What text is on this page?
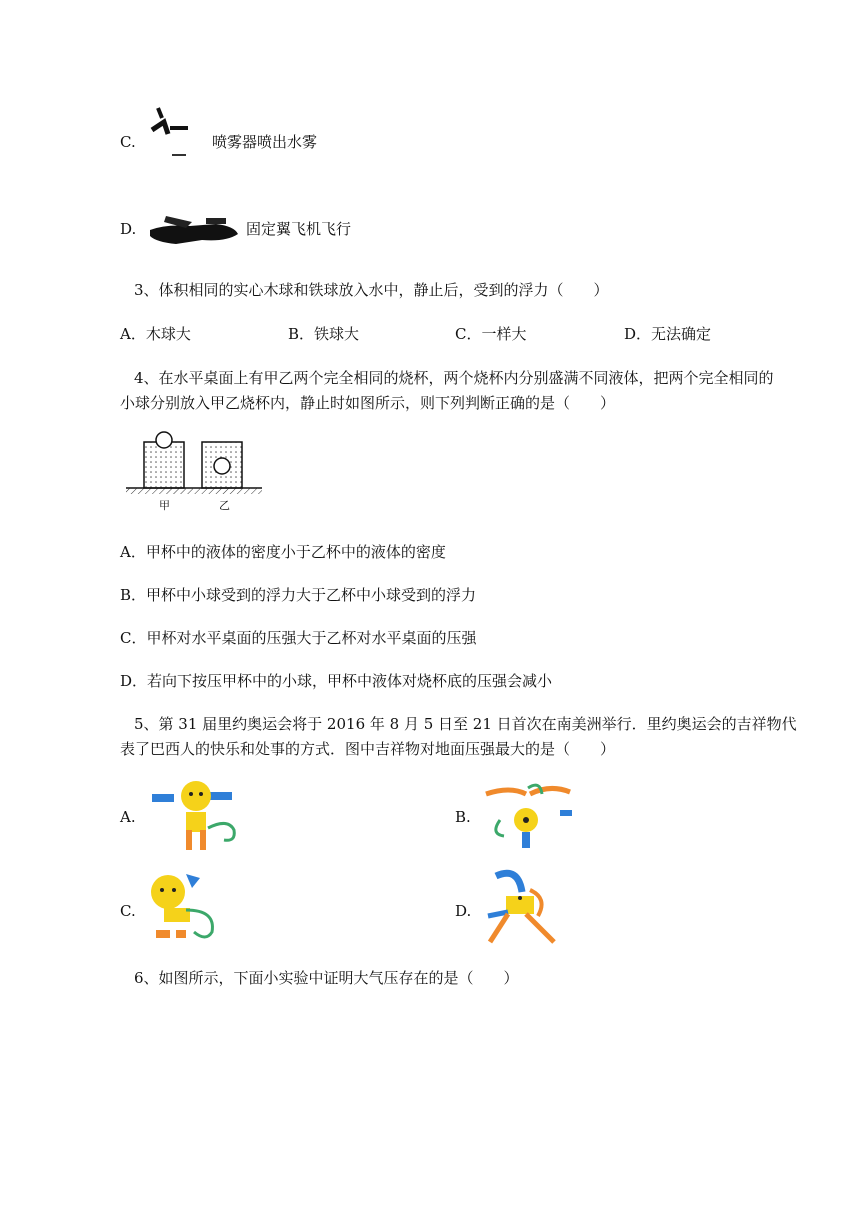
C.	喷雾器喷出水雾
D.	固定翼飞机飞行
3、体积相同的实心木球和铁球放入水中，静止后，受到的浮力（　　）
A．木球大	B．铁球大	C．一样大	D．无法确定
4、在水平桌面上有甲乙两个完全相同的烧杯，两个烧杯内分别盛满不同液体，把两个完全相同的
小球分别放入甲乙烧杯内，静止时如图所示，则下列判断正确的是（　　）
甲	乙
A．甲杯中的液体的密度小于乙杯中的液体的密度
B．甲杯中小球受到的浮力大于乙杯中小球受到的浮力
C．甲杯对水平桌面的压强大于乙杯对水平桌面的压强
D．若向下按压甲杯中的小球，甲杯中液体对烧杯底的压强会减小
5、第 31 届里约奥运会将于 2016 年 8 月 5 日至 21 日首次在南美洲举行．里约奥运会的吉祥物代
表了巴西人的快乐和处事的方式．图中吉祥物对地面压强最大的是（　　）
A.	B.
C.	D.
6、如图所示，下面小实验中证明大气压存在的是（　　）
